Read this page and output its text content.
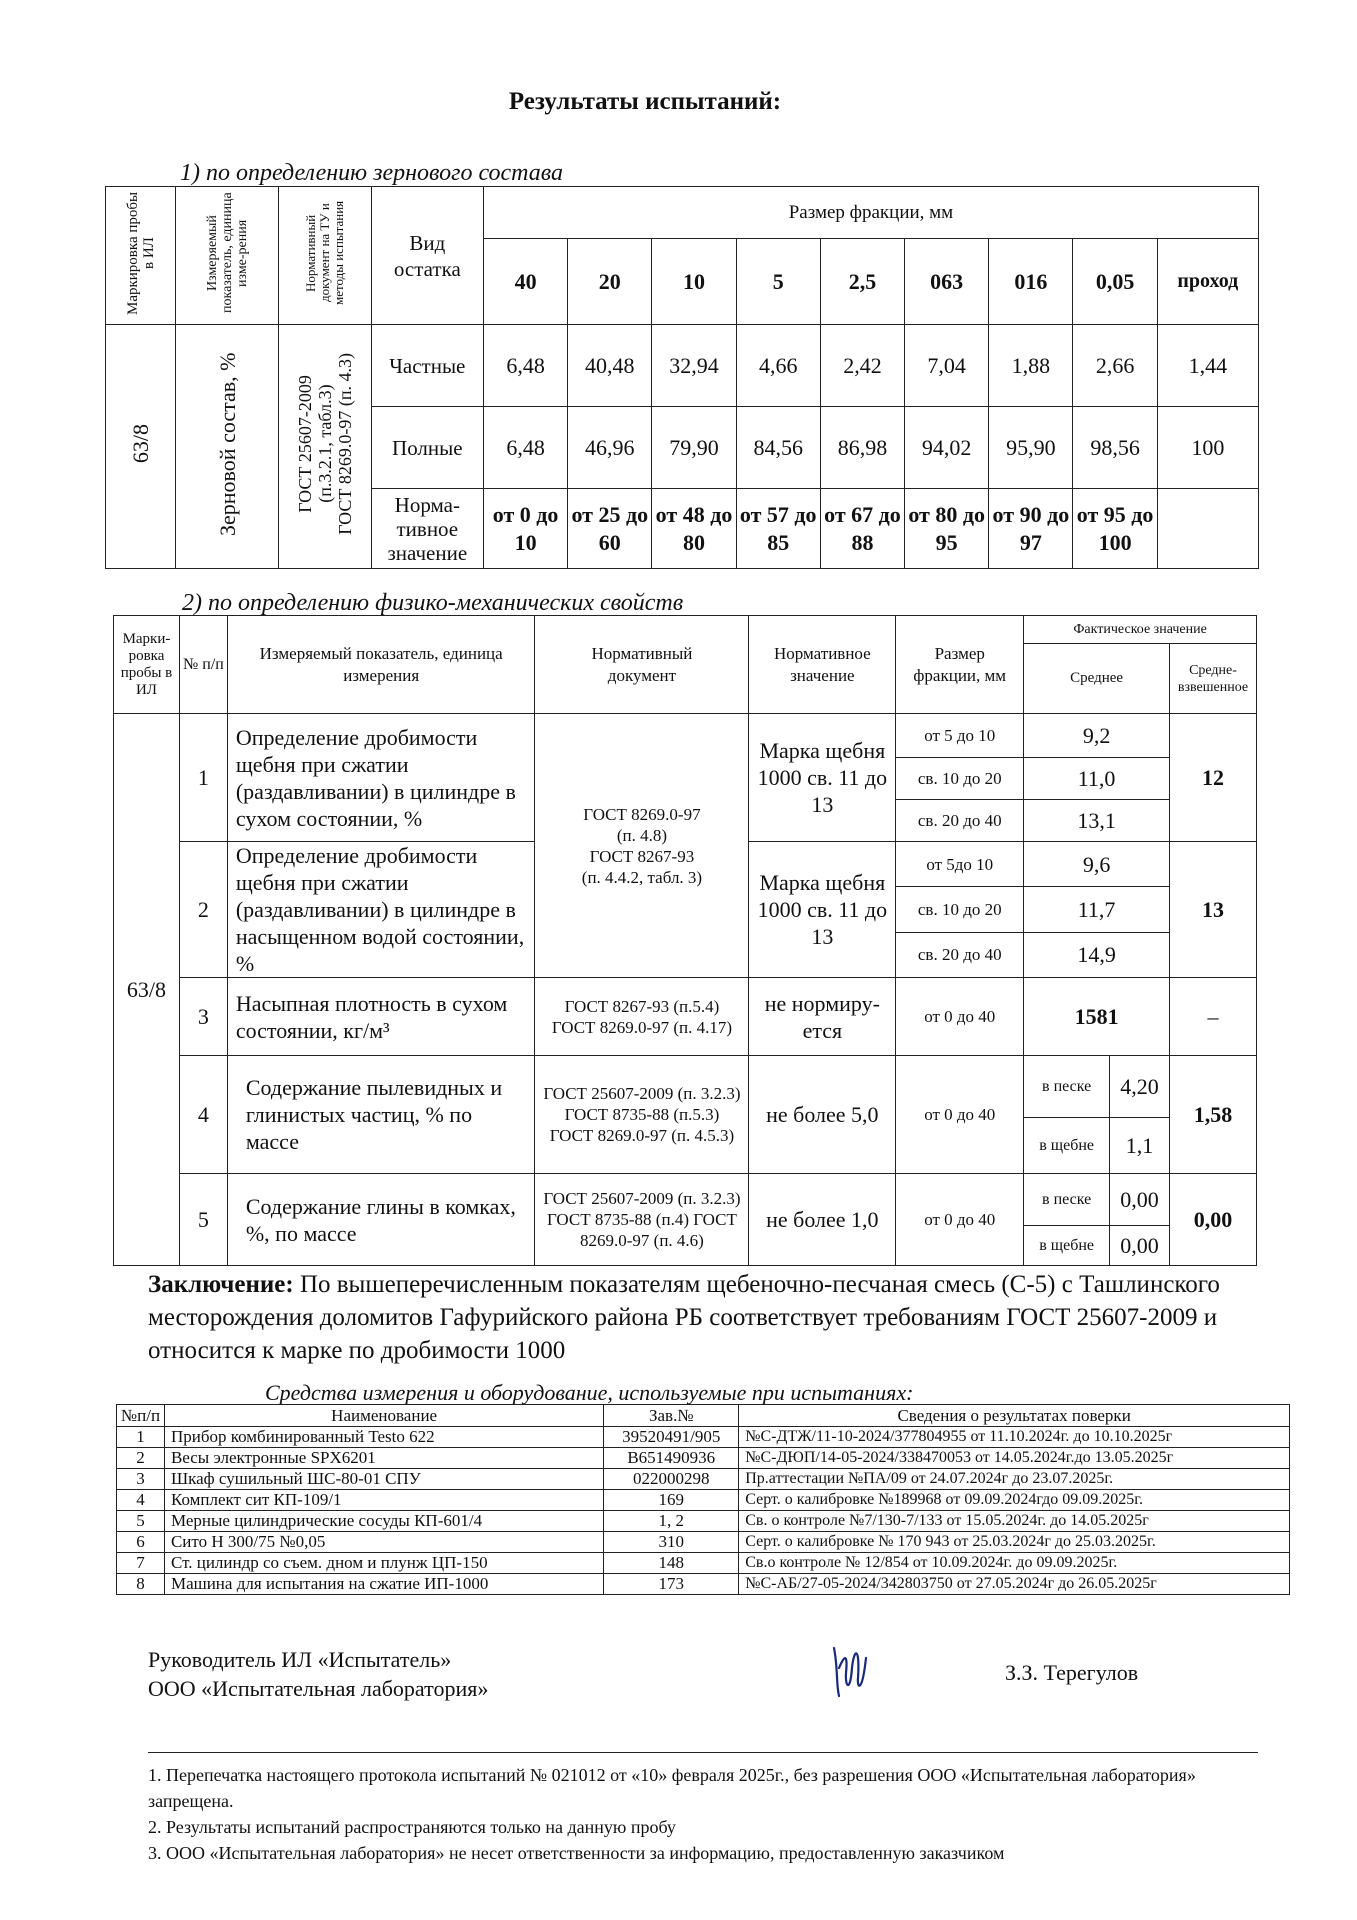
Результаты испытаний:
1) по определению зернового состава
Маркировка пробы в ИЛ	Измеряемый показатель, единица изме-рения	Нормативный документ на ТУ и методы испытания	Вид остатка	Размер фракции, мм								
				40	20	10	5	2,5	063	016	0,05	проход
63/8	Зерновой состав, %	ГОСТ 25607-2009
(п.3.2.1, табл.3)
ГОСТ 8269.0-97 (п. 4.3)	Частные	6,48	40,48	32,94	4,66	2,42	7,04	1,88	2,66	1,44
			Полные	6,48	46,96	79,90	84,56	86,98	94,02	95,90	98,56	100
			Норма-тивное значение	от 0 до 10	от 25 до 60	от 48 до 80	от 57 до 85	от 67 до 88	от 80 до 95	от 90 до 97	от 95 до 100	
2) по определению физико-механических свойств
Марки-ровка пробы в ИЛ	№ п/п	Измеряемый показатель, единица измерения	Нормативный документ	Нормативное значение	Размер фракции, мм	Фактическое значение		
						Среднее		Средне-взвешенное
63/8	1	Определение дробимости щебня при сжатии (раздавливании) в цилиндре в сухом состоянии, %	ГОСТ 8269.0-97
(п. 4.8)
ГОСТ 8267-93
(п. 4.4.2, табл. 3)	Марка щебня 1000 св. 11 до 13	от 5 до 10	9,2		12
					св. 10 до 20	11,0		
					св. 20 до 40	13,1		
	2	Определение дробимости щебня при сжатии (раздавливании) в цилиндре в насыщенном водой состоянии, %		Марка щебня 1000 св. 11 до 13	от 5до 10	9,6		13
					св. 10 до 20	11,7		
					св. 20 до 40	14,9		
	3	Насыпная плотность в сухом состоянии, кг/м³	ГОСТ 8267-93 (п.5.4) ГОСТ 8269.0-97 (п. 4.17)	не нормиру-ется	от 0 до 40	1581		–
	4	Содержание пылевидных и глинистых частиц, % по массе	ГОСТ 25607-2009 (п. 3.2.3) ГОСТ 8735-88 (п.5.3) ГОСТ 8269.0-97 (п. 4.5.3)	не более 5,0	от 0 до 40	в песке	4,20	1,58
						в щебне	1,1	
	5	Содержание глины в комках, %, по массе	ГОСТ 25607-2009 (п. 3.2.3) ГОСТ 8735-88 (п.4) ГОСТ 8269.0-97 (п. 4.6)	не более 1,0	от 0 до 40	в песке	0,00	0,00
						в щебне	0,00	
Заключение: По вышеперечисленным показателям щебеночно-песчаная смесь (С-5) с Ташлинского месторождения доломитов Гафурийского района РБ соответствует требованиям ГОСТ 25607-2009 и относится к марке по дробимости 1000
Средства измерения и оборудование, используемые при испытаниях:
№п/п	Наименование	Зав.№	Сведения о результатах поверки
1	Прибор комбинированный Testo 622	39520491/905	№С-ДТЖ/11-10-2024/377804955 от 11.10.2024г. до 10.10.2025г
2	Весы электронные SPX6201	B651490936	№С-ДЮП/14-05-2024/338470053 от 14.05.2024г.до 13.05.2025г
3	Шкаф сушильный ШС-80-01 СПУ	022000298	Пр.аттестации №ПА/09 от 24.07.2024г до 23.07.2025г.
4	Комплект сит КП-109/1	169	Серт. о калибровке №189968 от 09.09.2024гдо 09.09.2025г.
5	Мерные цилиндрические сосуды КП-601/4	1, 2	Св. о контроле №7/130-7/133 от 15.05.2024г. до 14.05.2025г
6	Сито Н 300/75 №0,05	310	Серт. о калибровке № 170 943 от 25.03.2024г до 25.03.2025г.
7	Ст. цилиндр со съем. дном и плунж ЦП-150	148	Св.о контроле № 12/854 от 10.09.2024г. до 09.09.2025г.
8	Машина для испытания на сжатие ИП-1000	173	№С-АБ/27-05-2024/342803750 от 27.05.2024г до 26.05.2025г
Руководитель ИЛ «Испытатель»
ООО «Испытательная лаборатория»
З.З. Терегулов
1. Перепечатка настоящего протокола испытаний № 021012 от «10» февраля 2025г., без разрешения ООО «Испытательная лаборатория» запрещена.
2. Результаты испытаний распространяются только на данную пробу
3. ООО «Испытательная лаборатория» не несет ответственности за информацию, предоставленную заказчиком
